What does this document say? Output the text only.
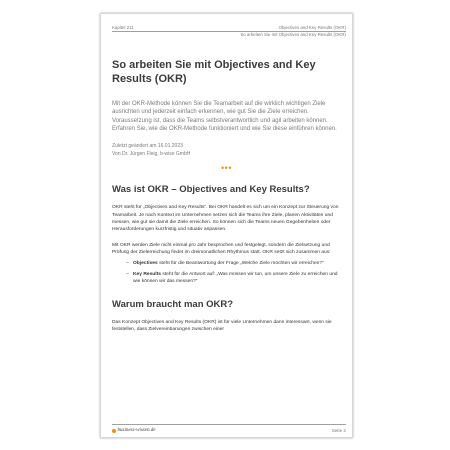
Kapitel 211	Objectives and Key Results (OKR)
So arbeiten Sie mit Objectives and Key Results (OKR)
So arbeiten Sie mit Objectives and Key Results (OKR)

Mit der OKR-Methode können Sie die Teamarbeit auf die wirklich wichtigen Ziele ausrichten und jederzeit einfach erkennen, wie gut Sie die Ziele erreichen. Voraussetzung ist, dass die Teams selbstverantwortlich und agil arbeiten können. Erfahren Sie, wie die OKR-Methode funktioniert und wie Sie diese einführen können.

Zuletzt geändert am 16.01.2023
Von Dr. Jürgen Fleig, b-wise GmbH
•••
Was ist OKR – Objectives and Key Results?

OKR steht für „Objectives and Key Results“. Bei OKR handelt es sich um ein Konzept zur Steuerung von Teamarbeit. Je nach Kontext im Unternehmen setzen sich die Teams ihre Ziele, planen Aktivitäten und messen, wie gut sie damit die Ziele erreichen. So können sich die Teams neuen Gegebenheiten oder Herausforderungen kurzfristig und situativ anpassen.

Mit OKR werden Ziele nicht einmal pro Jahr besprochen und festgelegt, sondern die Zielsetzung und Prüfung der Zielerreichung findet im dreimonatlichen Rhythmus statt. OKR setzt sich zusammen aus:

– Objectives steht für die Beantwortung der Frage „Welche Ziele möchten wir erreichen?“
– Key Results steht für die Antwort auf: „Was müssen wir tun, um unsere Ziele zu erreichen und wie können wir das messen?“
Warum braucht man OKR?

Das Konzept Objectives and Key Results (OKR) ist für viele Unternehmen dann interessant, wenn sie feststellen, dass Zielvereinbarungen zwischen einer

business-wissen.de	Seite 2
